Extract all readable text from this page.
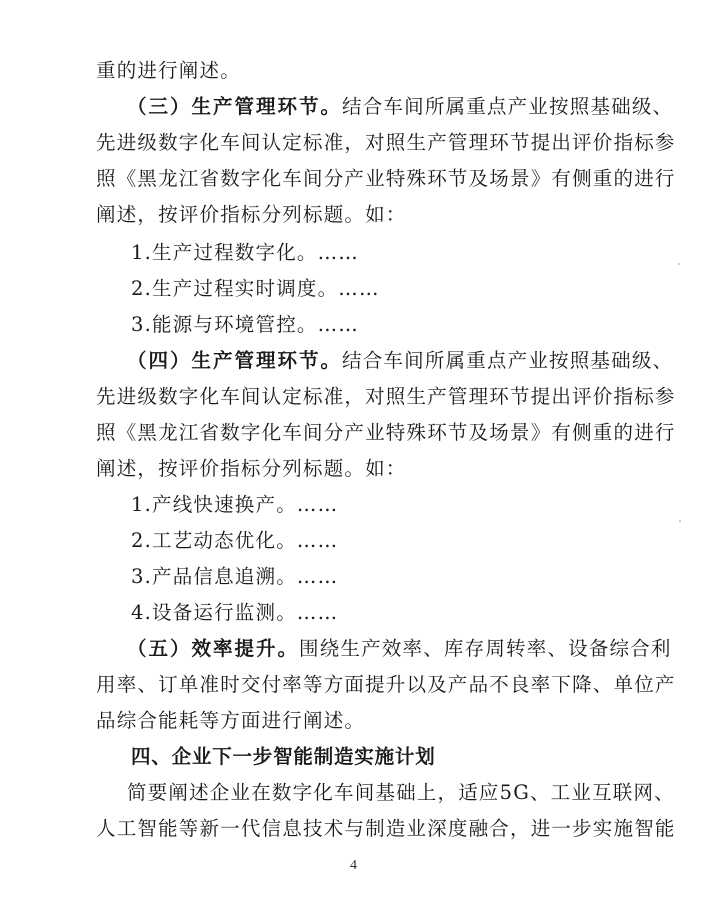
重的进行阐述。
（三）生产管理环节。结合车间所属重点产业按照基础级、
先进级数字化车间认定标准，对照生产管理环节提出评价指标参
照《黑龙江省数字化车间分产业特殊环节及场景》有侧重的进行
阐述，按评价指标分列标题。如：
1.生产过程数字化。……
2.生产过程实时调度。……
3.能源与环境管控。……
（四）生产管理环节。结合车间所属重点产业按照基础级、
先进级数字化车间认定标准，对照生产管理环节提出评价指标参
照《黑龙江省数字化车间分产业特殊环节及场景》有侧重的进行
阐述，按评价指标分列标题。如：
1.产线快速换产。……
2.工艺动态优化。……
3.产品信息追溯。……
4.设备运行监测。……
（五）效率提升。围绕生产效率、库存周转率、设备综合利
用率、订单准时交付率等方面提升以及产品不良率下降、单位产
品综合能耗等方面进行阐述。
四、企业下一步智能制造实施计划
简要阐述企业在数字化车间基础上，适应5G、工业互联网、
人工智能等新一代信息技术与制造业深度融合，进一步实施智能
4
